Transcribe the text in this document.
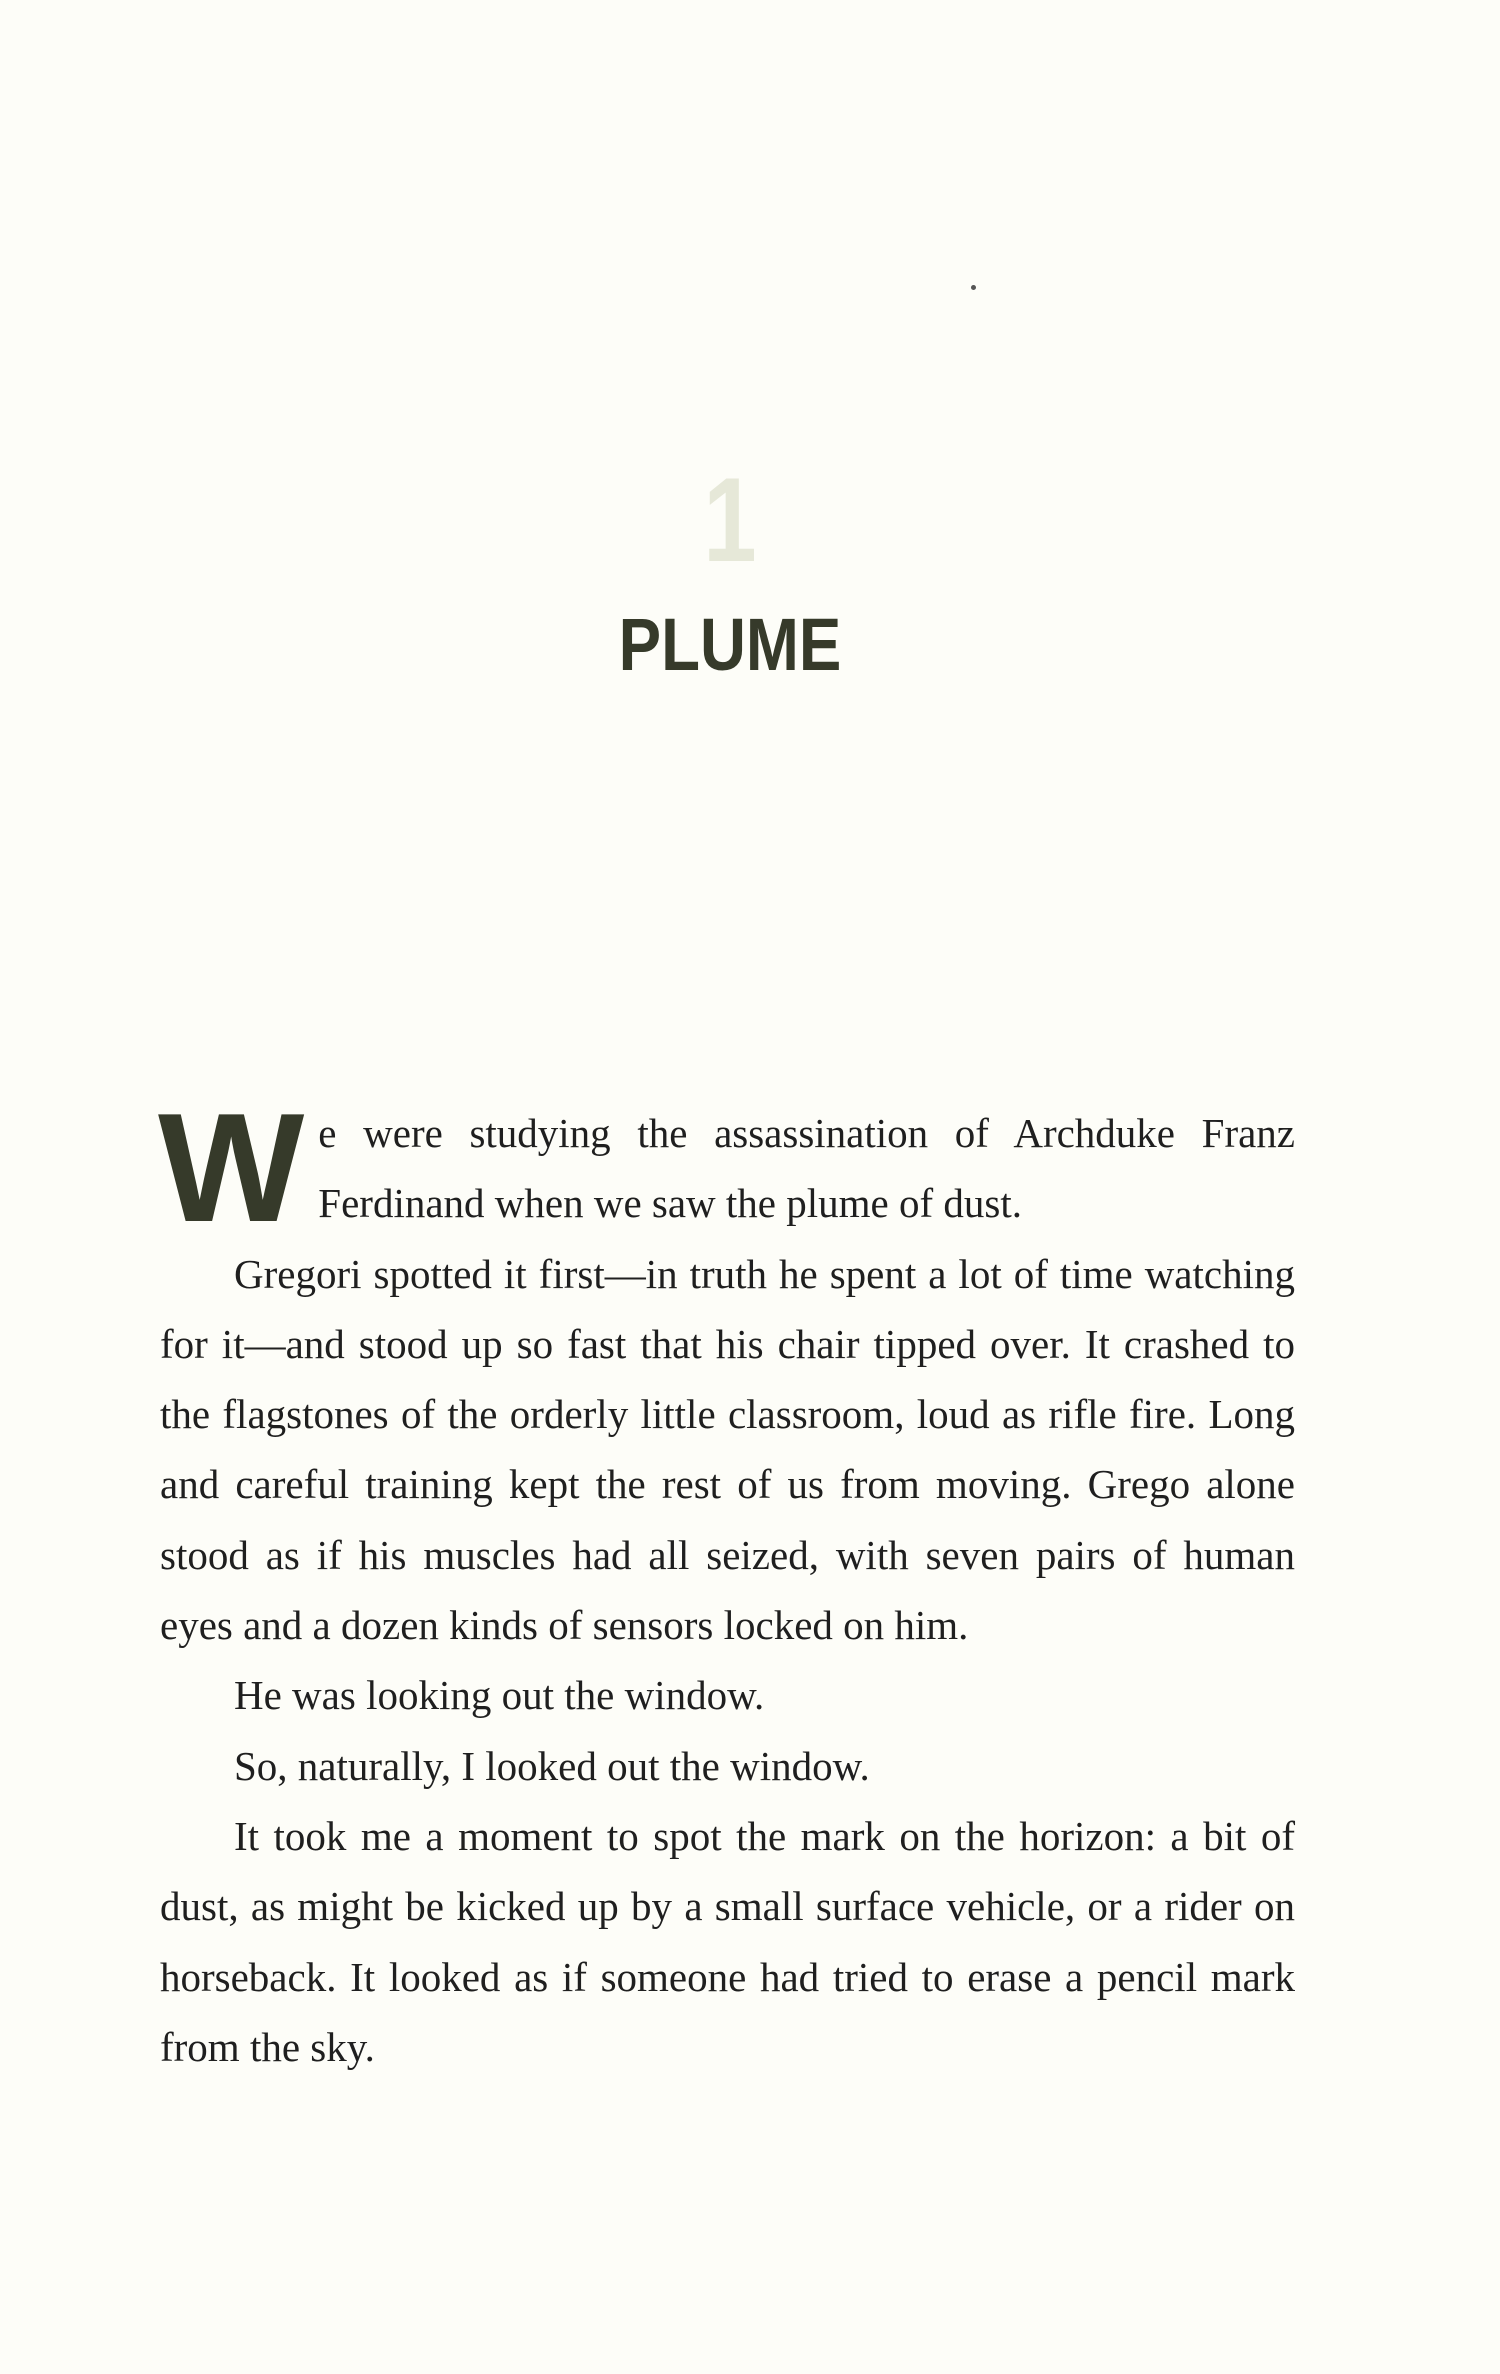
1
PLUME

We were studying the assassination of Archduke Franz Ferdinand when we saw the plume of dust.

Gregori spotted it first—in truth he spent a lot of time watching for it—and stood up so fast that his chair tipped over. It crashed to the flagstones of the orderly little classroom, loud as rifle fire. Long and careful training kept the rest of us from moving. Grego alone stood as if his muscles had all seized, with seven pairs of human eyes and a dozen kinds of sensors locked on him.

He was looking out the window.

So, naturally, I looked out the window.

It took me a moment to spot the mark on the horizon: a bit of dust, as might be kicked up by a small surface vehicle, or a rider on horseback. It looked as if someone had tried to erase a pencil mark from the sky.
